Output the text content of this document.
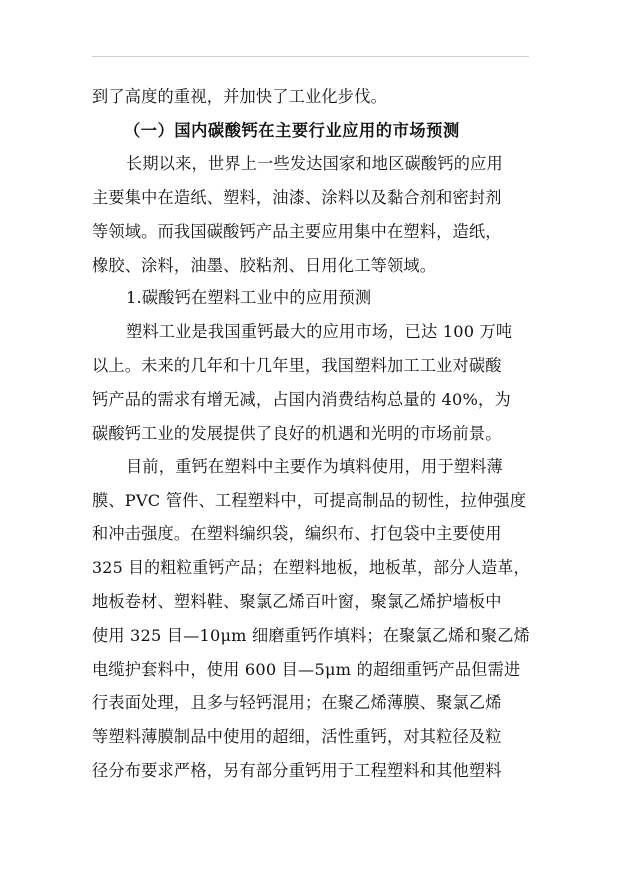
到了高度的重视，并加快了工业化步伐。
（一）国内碳酸钙在主要行业应用的市场预测
长期以来，世界上一些发达国家和地区碳酸钙的应用
主要集中在造纸、塑料，油漆、涂料以及黏合剂和密封剂
等领域。而我国碳酸钙产品主要应用集中在塑料，造纸，
橡胶、涂料，油墨、胶粘剂、日用化工等领域。
1.碳酸钙在塑料工业中的应用预测
塑料工业是我国重钙最大的应用市场，已达 100 万吨
以上。未来的几年和十几年里，我国塑料加工工业对碳酸
钙产品的需求有增无减，占国内消费结构总量的 40%，为
碳酸钙工业的发展提供了良好的机遇和光明的市场前景。
目前，重钙在塑料中主要作为填料使用，用于塑料薄
膜、PVC 管件、工程塑料中，可提高制品的韧性，拉伸强度
和冲击强度。在塑料编织袋，编织布、打包袋中主要使用
325 目的粗粒重钙产品；在塑料地板，地板革，部分人造革，
地板卷材、塑料鞋、聚氯乙烯百叶窗，聚氯乙烯护墙板中
使用 325 目—10μm 细磨重钙作填料；在聚氯乙烯和聚乙烯
电缆护套料中，使用 600 目—5μm 的超细重钙产品但需进
行表面处理，且多与轻钙混用；在聚乙烯薄膜、聚氯乙烯
等塑料薄膜制品中使用的超细，活性重钙，对其粒径及粒
径分布要求严格，另有部分重钙用于工程塑料和其他塑料
